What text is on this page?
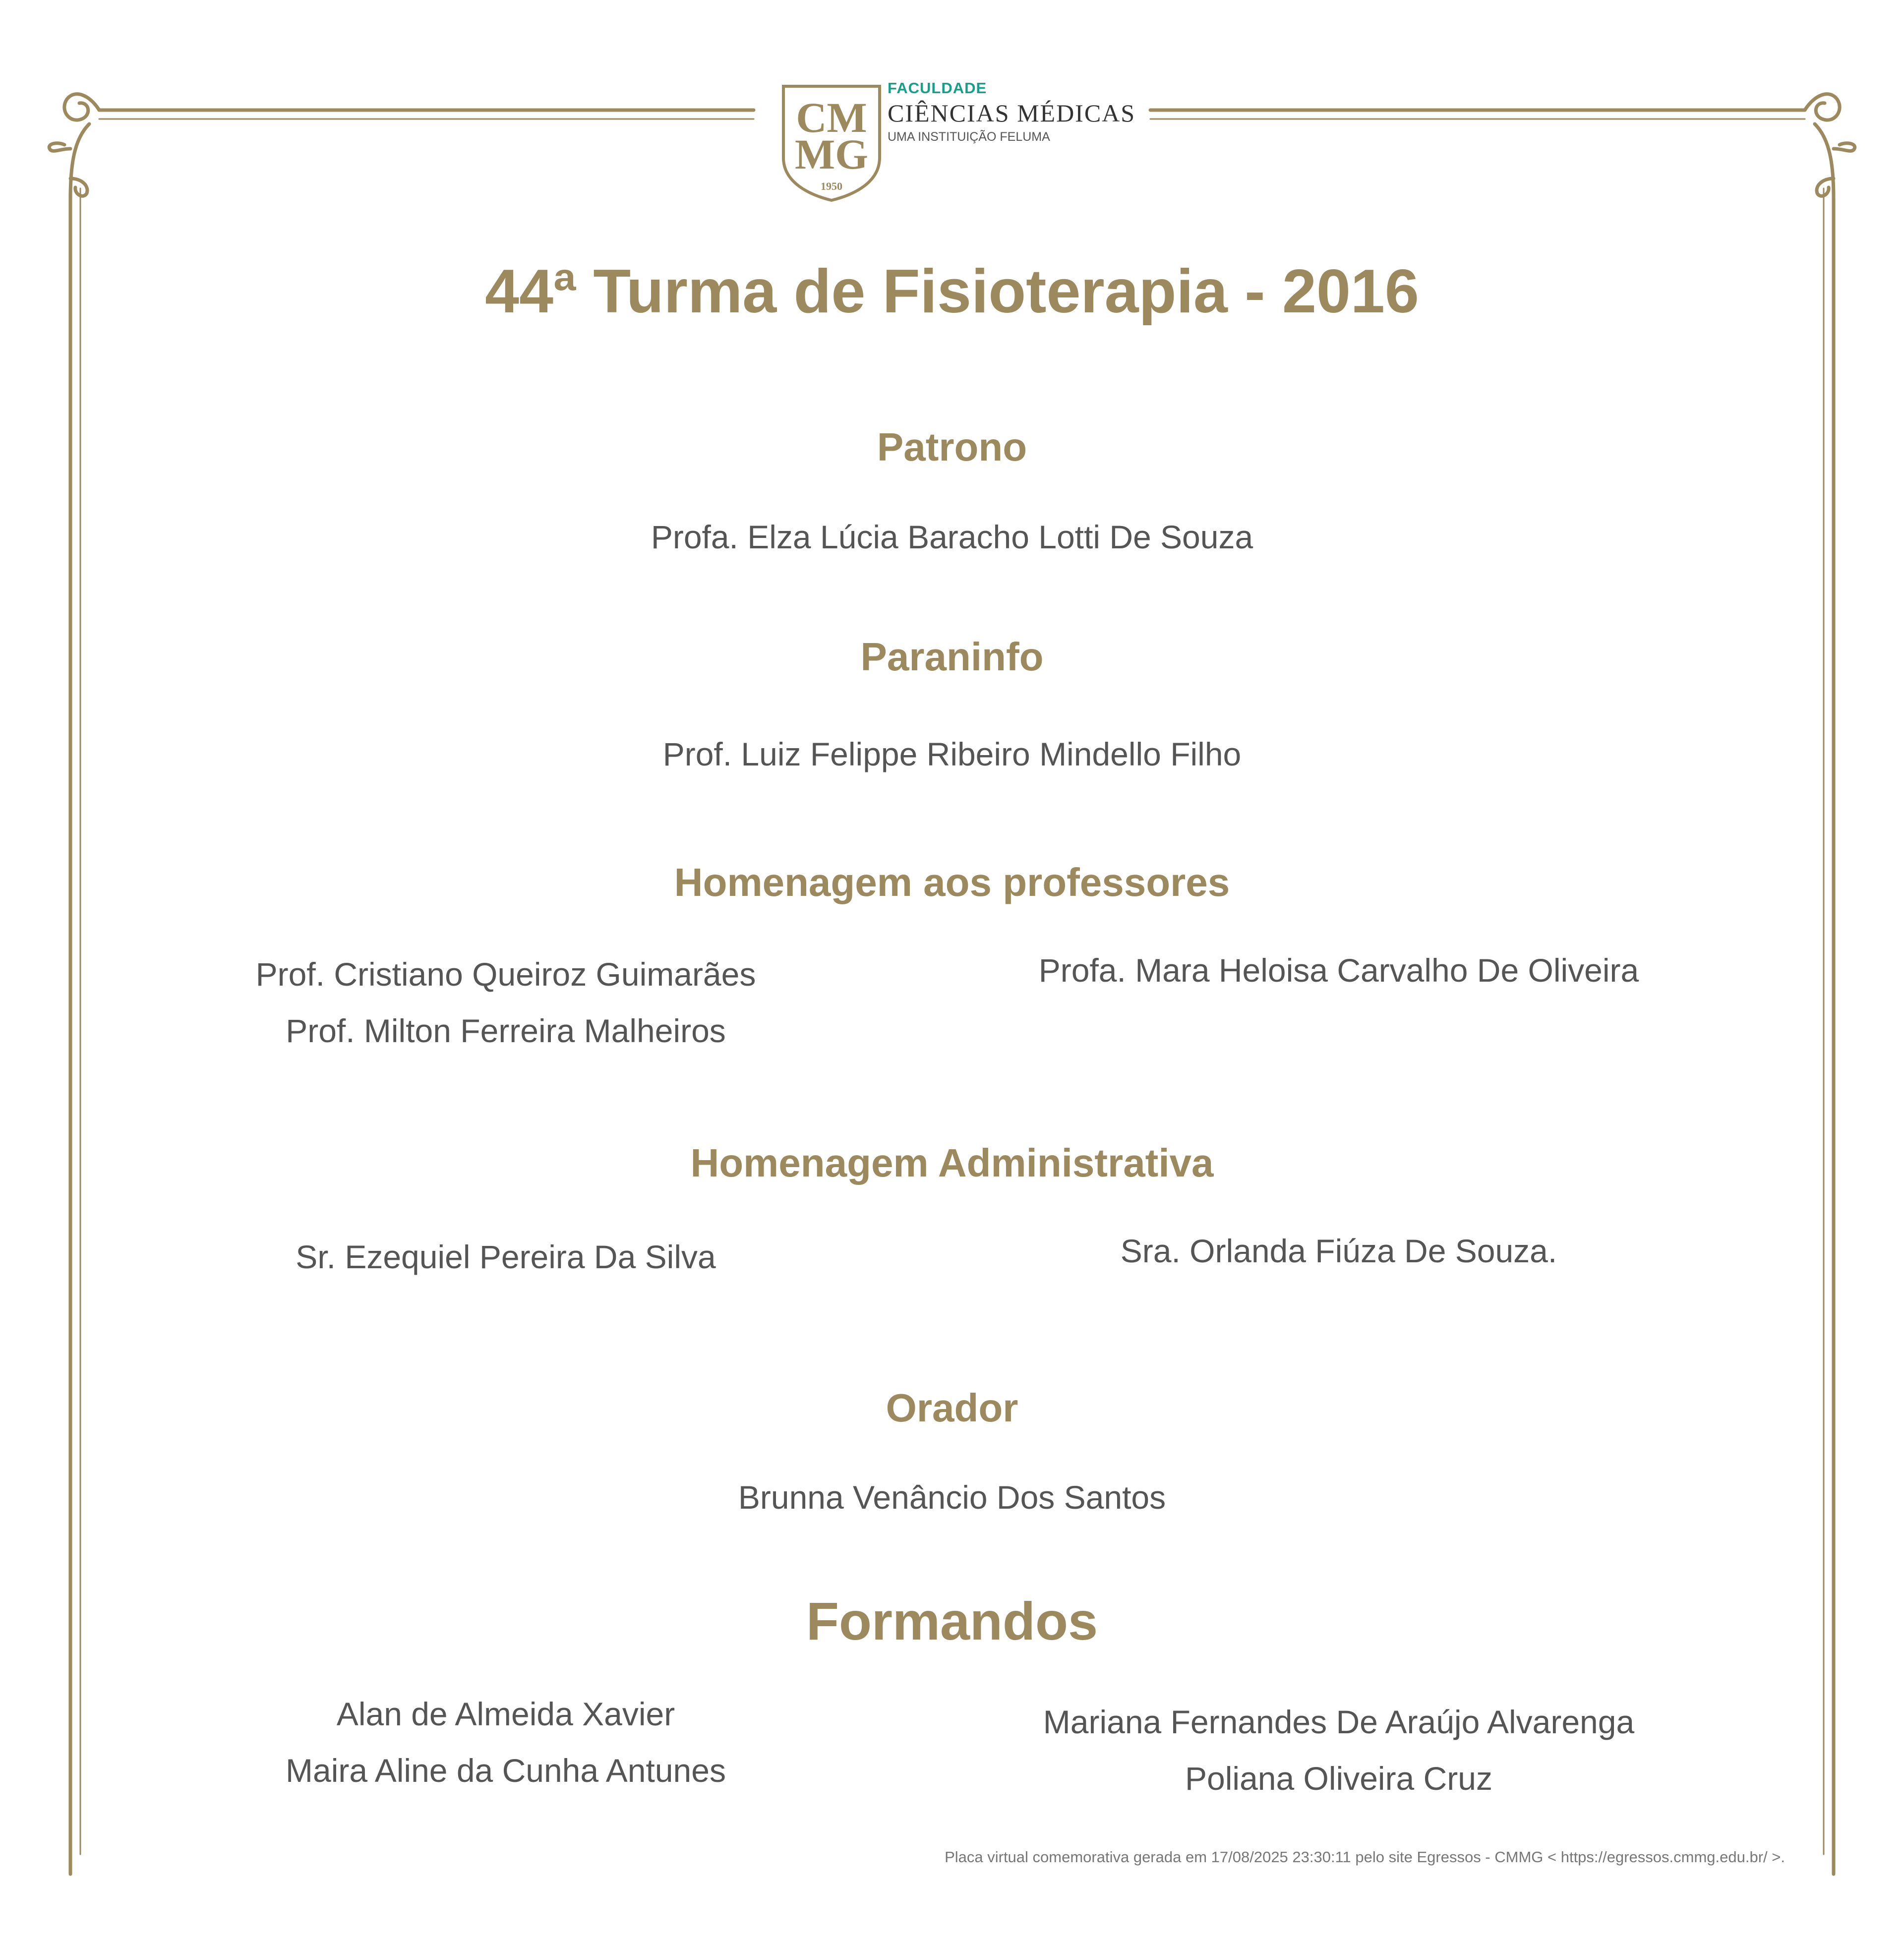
CM
MG
1950
FACULDADE
CIÊNCIAS MÉDICAS
UMA INSTITUIÇÃO FELUMA
44ª Turma de Fisioterapia - 2016
Patrono
Profa. Elza Lúcia Baracho Lotti De Souza
Paraninfo
Prof. Luiz Felippe Ribeiro Mindello Filho
Homenagem aos professores
Prof. Cristiano Queiroz Guimarães
Prof. Milton Ferreira Malheiros
Profa. Mara Heloisa Carvalho De Oliveira
Homenagem Administrativa
Sr. Ezequiel Pereira Da Silva	Sra. Orlanda Fiúza De Souza.
Orador
Brunna Venâncio Dos Santos
Formandos
Alan de Almeida Xavier
Maira Aline da Cunha Antunes
Mariana Fernandes De Araújo Alvarenga
Poliana Oliveira Cruz
Placa virtual comemorativa gerada em 17/08/2025 23:30:11 pelo site Egressos - CMMG < https://egressos.cmmg.edu.br/ >.
